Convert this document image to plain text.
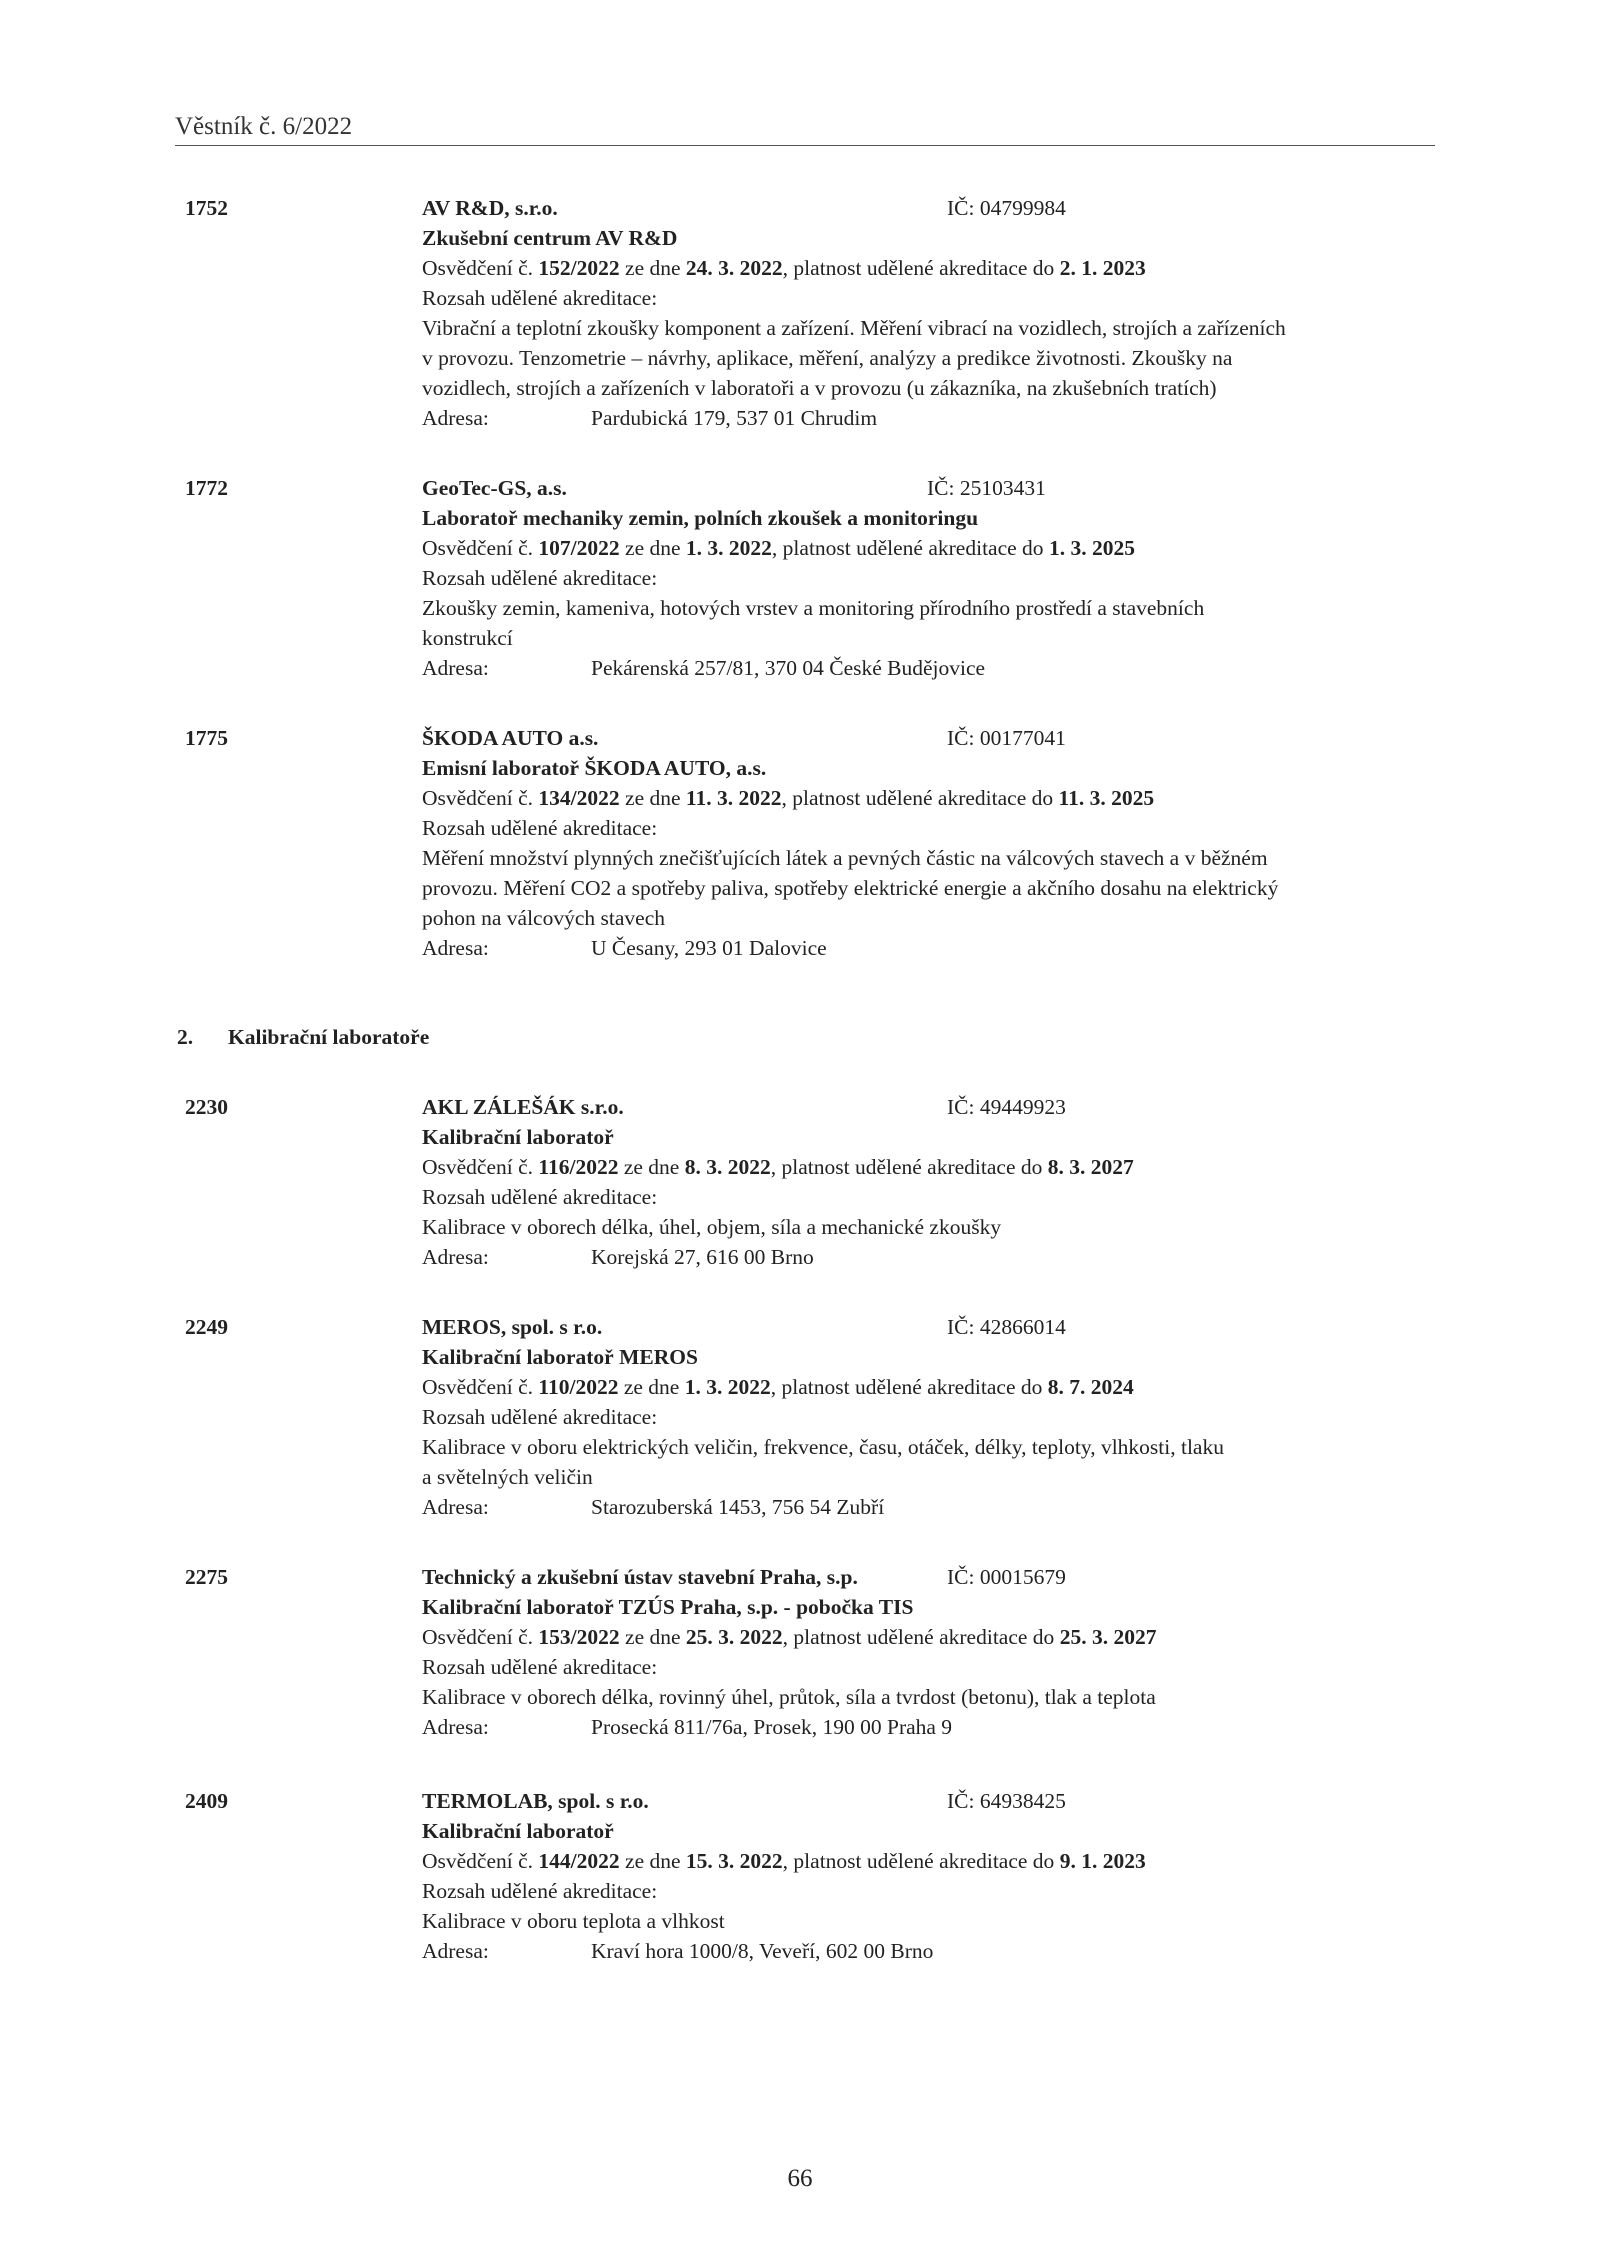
Věstník č. 6/2022
1752	AV R&D, s.r.o.	IČ: 04799984
Zkušební centrum AV R&D
Osvědčení č. 152/2022 ze dne 24. 3. 2022, platnost udělené akreditace do 2. 1. 2023
Rozsah udělené akreditace:
Vibrační a teplotní zkoušky komponent a zařízení. Měření vibrací na vozidlech, strojích a zařízeních
v provozu. Tenzometrie – návrhy, aplikace, měření, analýzy a predikce životnosti. Zkoušky na
vozidlech, strojích a zařízeních v laboratoři a v provozu (u zákazníka, na zkušebních tratích)
Adresa:	Pardubická 179, 537 01 Chrudim
1772	GeoTec-GS, a.s.	IČ: 25103431
Laboratoř mechaniky zemin, polních zkoušek a monitoringu
Osvědčení č. 107/2022 ze dne 1. 3. 2022, platnost udělené akreditace do 1. 3. 2025
Rozsah udělené akreditace:
Zkoušky zemin, kameniva, hotových vrstev a monitoring přírodního prostředí a stavebních
konstrukcí
Adresa:	Pekárenská 257/81, 370 04 České Budějovice
1775	ŠKODA AUTO a.s.	IČ: 00177041
Emisní laboratoř ŠKODA AUTO, a.s.
Osvědčení č. 134/2022 ze dne 11. 3. 2022, platnost udělené akreditace do 11. 3. 2025
Rozsah udělené akreditace:
Měření množství plynných znečišťujících látek a pevných částic na válcových stavech a v běžném
provozu. Měření CO2 a spotřeby paliva, spotřeby elektrické energie a akčního dosahu na elektrický
pohon na válcových stavech
Adresa:	U Česany, 293 01 Dalovice
2230	AKL ZÁLEŠÁK s.r.o.	IČ: 49449923
Kalibrační laboratoř
Osvědčení č. 116/2022 ze dne 8. 3. 2022, platnost udělené akreditace do 8. 3. 2027
Rozsah udělené akreditace:
Kalibrace v oborech délka, úhel, objem, síla a mechanické zkoušky
Adresa:	Korejská 27, 616 00 Brno
2249	MEROS, spol. s r.o.	IČ: 42866014
Kalibrační laboratoř MEROS
Osvědčení č. 110/2022 ze dne 1. 3. 2022, platnost udělené akreditace do 8. 7. 2024
Rozsah udělené akreditace:
Kalibrace v oboru elektrických veličin, frekvence, času, otáček, délky, teploty, vlhkosti, tlaku
a světelných veličin
Adresa:	Starozuberská 1453, 756 54 Zubří
2275	Technický a zkušební ústav stavební Praha, s.p.	IČ: 00015679
Kalibrační laboratoř TZÚS Praha, s.p. - pobočka TIS
Osvědčení č. 153/2022 ze dne 25. 3. 2022, platnost udělené akreditace do 25. 3. 2027
Rozsah udělené akreditace:
Kalibrace v oborech délka, rovinný úhel, průtok, síla a tvrdost (betonu), tlak a teplota
Adresa:	Prosecká 811/76a, Prosek, 190 00 Praha 9
2409	TERMOLAB, spol. s r.o.	IČ: 64938425
Kalibrační laboratoř
Osvědčení č. 144/2022 ze dne 15. 3. 2022, platnost udělené akreditace do 9. 1. 2023
Rozsah udělené akreditace:
Kalibrace v oboru teplota a vlhkost
Adresa:	Kraví hora 1000/8, Veveří, 602 00 Brno
2. Kalibrační laboratoře
66
